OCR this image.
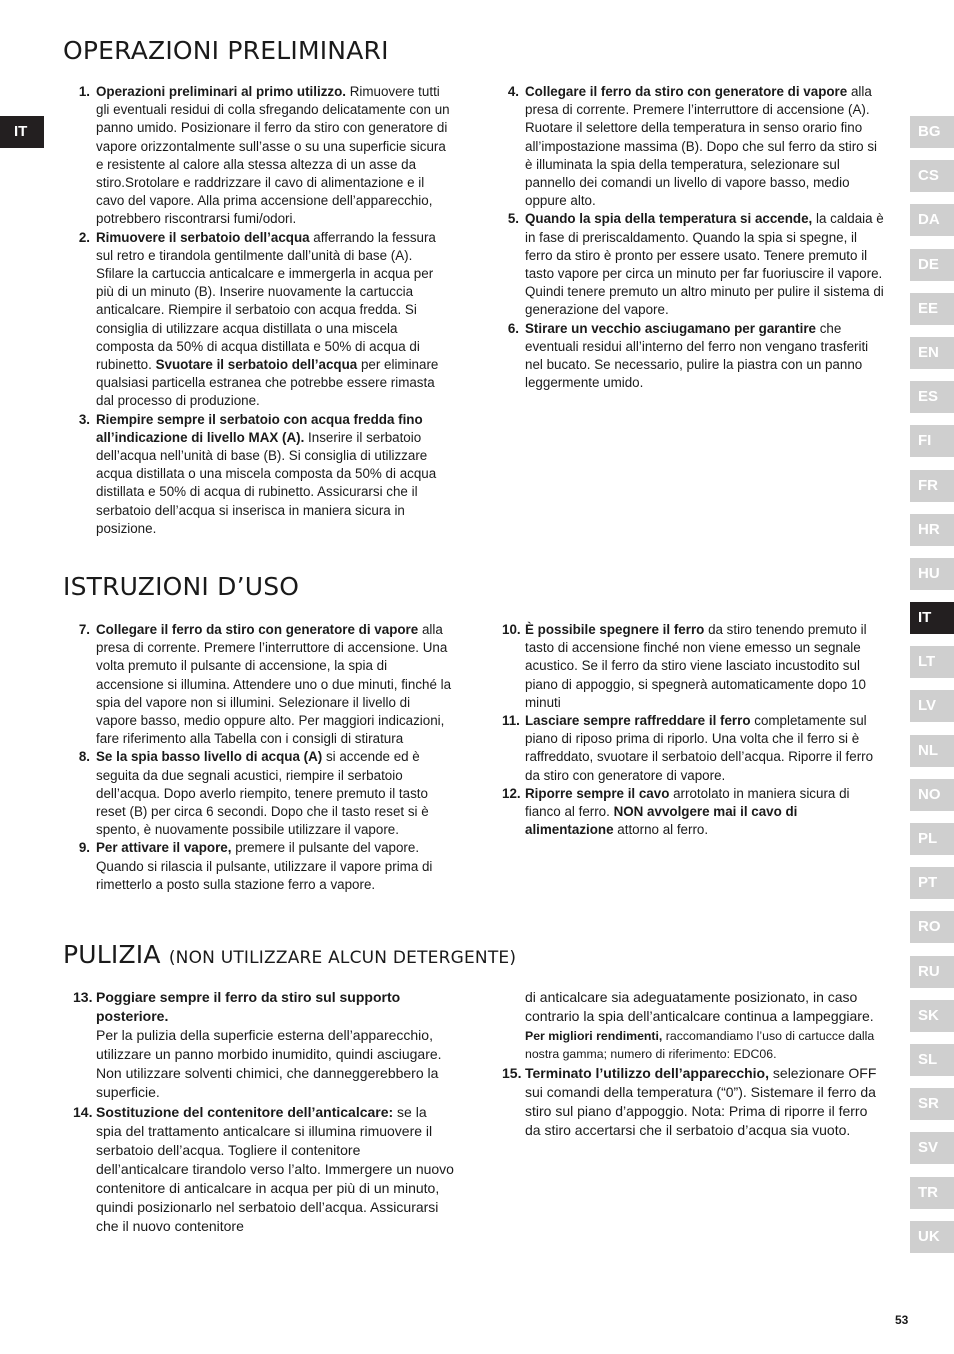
OPERAZIONI PRELIMINARI
ISTRUZIONI D’USO
PULIZIA (NON UTILIZZARE ALCUN DETERGENTE)
IT
1. Operazioni preliminari al primo utilizzo. Rimuovere tutti gli eventuali residui di colla sfregando delicatamente con un panno umido. Posizionare il ferro da stiro con generatore di vapore orizzontalmente sull’asse o su una superficie sicura e resistente al calore alla stessa altezza di un asse da stiro.Srotolare e raddrizzare il cavo di alimentazione e il cavo del vapore. Alla prima accensione dell’apparecchio, potrebbero riscontrarsi fumi/odori.
2. Rimuovere il serbatoio dell’acqua afferrando la fessura sul retro e tirandola gentilmente dall’unità di base (A). Sfilare la cartuccia anticalcare e immergerla in acqua per più di un minuto (B). Inserire nuovamente la cartuccia anticalcare. Riempire il serbatoio con acqua fredda. Si consiglia di utilizzare acqua distillata o una miscela composta da 50% di acqua distillata e 50% di acqua di rubinetto. Svuotare il serbatoio dell’acqua per eliminare qualsiasi particella estranea che potrebbe essere rimasta dal processo di produzione.
3. Riempire sempre il serbatoio con acqua fredda fino all’indicazione di livello MAX (A). Inserire il serbatoio dell’acqua nell’unità di base (B). Si consiglia di utilizzare acqua distillata o una miscela composta da 50% di acqua distillata e 50% di acqua di rubinetto. Assicurarsi che il serbatoio dell’acqua si inserisca in maniera sicura in posizione.
4. Collegare il ferro da stiro con generatore di vapore alla presa di corrente. Premere l’interruttore di accensione (A). Ruotare il selettore della temperatura in senso orario fino all’impostazione massima (B). Dopo che sul ferro da stiro si è illuminata la spia della temperatura, selezionare sul pannello dei comandi un livello di vapore basso, medio oppure alto.
5. Quando la spia della temperatura si accende, la caldaia è in fase di preriscaldamento. Quando la spia si spegne, il ferro da stiro è pronto per essere usato. Tenere premuto il tasto vapore per circa un minuto per far fuoriuscire il vapore. Quindi tenere premuto un altro minuto per pulire il sistema di generazione del vapore.
6. Stirare un vecchio asciugamano per garantire che eventuali residui all’interno del ferro non vengano trasferiti nel bucato. Se necessario, pulire la piastra con un panno leggermente umido.
7. Collegare il ferro da stiro con generatore di vapore alla presa di corrente. Premere l’interruttore di accensione. Una volta premuto il pulsante di accensione, la spia di accensione si illumina. Attendere uno o due minuti, finché la spia del vapore non si illumini. Selezionare il livello di vapore basso, medio oppure alto. Per maggiori indicazioni, fare riferimento alla Tabella con i consigli di stiratura
8. Se la spia basso livello di acqua (A) si accende ed è seguita da due segnali acustici, riempire il serbatoio dell’acqua. Dopo averlo riempito, tenere premuto il tasto reset (B) per circa 6 secondi. Dopo che il tasto reset si è spento, è nuovamente possibile utilizzare il vapore.
9. Per attivare il vapore, premere il pulsante del vapore. Quando si rilascia il pulsante, utilizzare il vapore prima di rimetterlo a posto sulla stazione ferro a vapore.
10. È possibile spegnere il ferro da stiro tenendo premuto il tasto di accensione finché non viene emesso un segnale acustico. Se il ferro da stiro viene lasciato incustodito sul piano di appoggio, si spegnerà automaticamente dopo 10 minuti
11. Lasciare sempre raffreddare il ferro completamente sul piano di riposo prima di riporlo. Una volta che il ferro si è raffreddato, svuotare il serbatoio dell’acqua. Riporre il ferro da stiro con generatore di vapore.
12. Riporre sempre il cavo arrotolato in maniera sicura di fianco al ferro. NON avvolgere mai il cavo di alimentazione attorno al ferro.
13. Poggiare sempre il ferro da stiro sul supporto posteriore.
Per la pulizia della superficie esterna dell’apparecchio, utilizzare un panno morbido inumidito, quindi asciugare. Non utilizzare solventi chimici, che danneggerebbero la superficie.
14. Sostituzione del contenitore dell’anticalcare: se la spia del trattamento anticalcare si illumina rimuovere il serbatoio dell’acqua. Togliere il contenitore dell’anticalcare tirandolo verso l’alto. Immergere un nuovo contenitore di anticalcare in acqua per più di un minuto, quindi posizionarlo nel serbatoio dell’acqua. Assicurarsi che il nuovo contenitore
di anticalcare sia adeguatamente posizionato, in caso contrario la spia dell’anticalcare continua a lampeggiare.
Per migliori rendimenti, raccomandiamo l’uso di cartucce dalla nostra gamma; numero di riferimento: EDC06.
15. Terminato l’utilizzo dell’apparecchio, selezionare OFF sui comandi della temperatura (“0”). Sistemare il ferro da stiro sul piano d’appoggio. Nota: Prima di riporre il ferro da stiro accertarsi che il serbatoio d’acqua sia vuoto.
BG
CS
DA
DE
EE
EN
ES
FI
FR
HR
HU
IT
LT
LV
NL
NO
PL
PT
RO
RU
SK
SL
SR
SV
TR
UK
53
